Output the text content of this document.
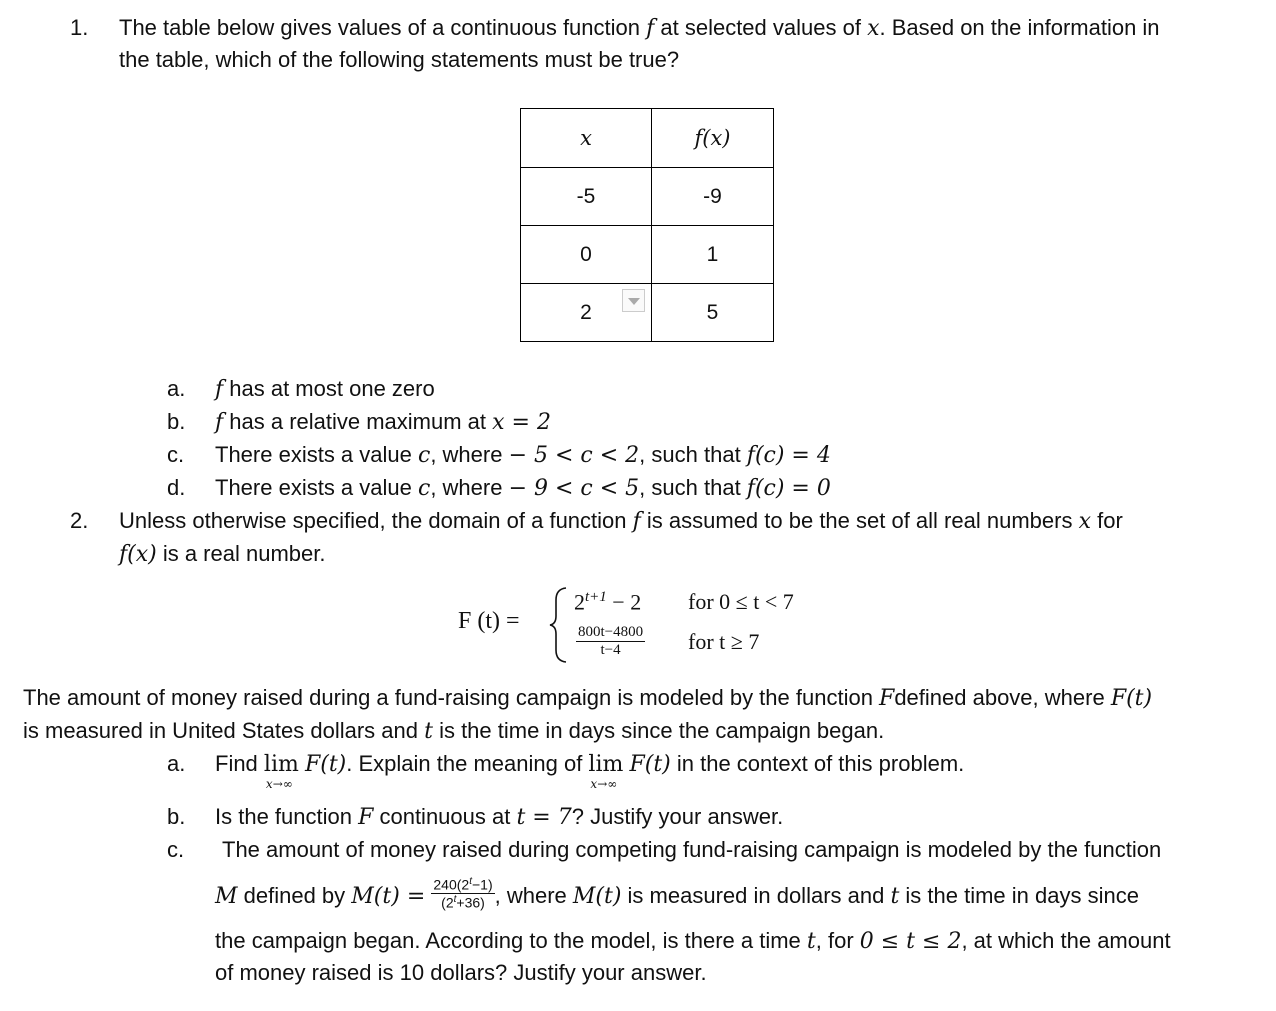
1. The table below gives values of a continuous function f at selected values of x. Based on the information in
the table, which of the following statements must be true?
x	f(x)
-5	-9
0	1
2	5
a. f has at most one zero
b. f has a relative maximum at x = 2
c. There exists a value c, where − 5 < c < 2, such that f(c) = 4
d. There exists a value c, where − 9 < c < 5, such that f(c) = 0
2. Unless otherwise specified, the domain of a function f is assumed to be the set of all real numbers x for
f(x) is a real number.
F (t) =
$2^{t+1} - 2$ for 0 ≤ t < 7
$\frac{800t-4800}{t-4}$ for t ≥ 7
The amount of money raised during a fund-raising campaign is modeled by the function Fdefined above, where F(t)
is measured in United States dollars and t is the time in days since the campaign began.
a. Find lim
x→∞
F(t). Explain the meaning of lim
x→∞
F(t) in the context of this problem.
b. Is the function F continuous at t = 7? Justify your answer.
c. The amount of money raised during competing fund-raising campaign is modeled by the function
M defined by $M(t) = \frac{240(2^t-1)}{(2^t+36)}$ , where M(t) is measured in dollars and t is the time in days since
the campaign began. According to the model, is there a time t, for 0 ≤ t ≤ 2, at which the amount
of money raised is 10 dollars? Justify your answer.
